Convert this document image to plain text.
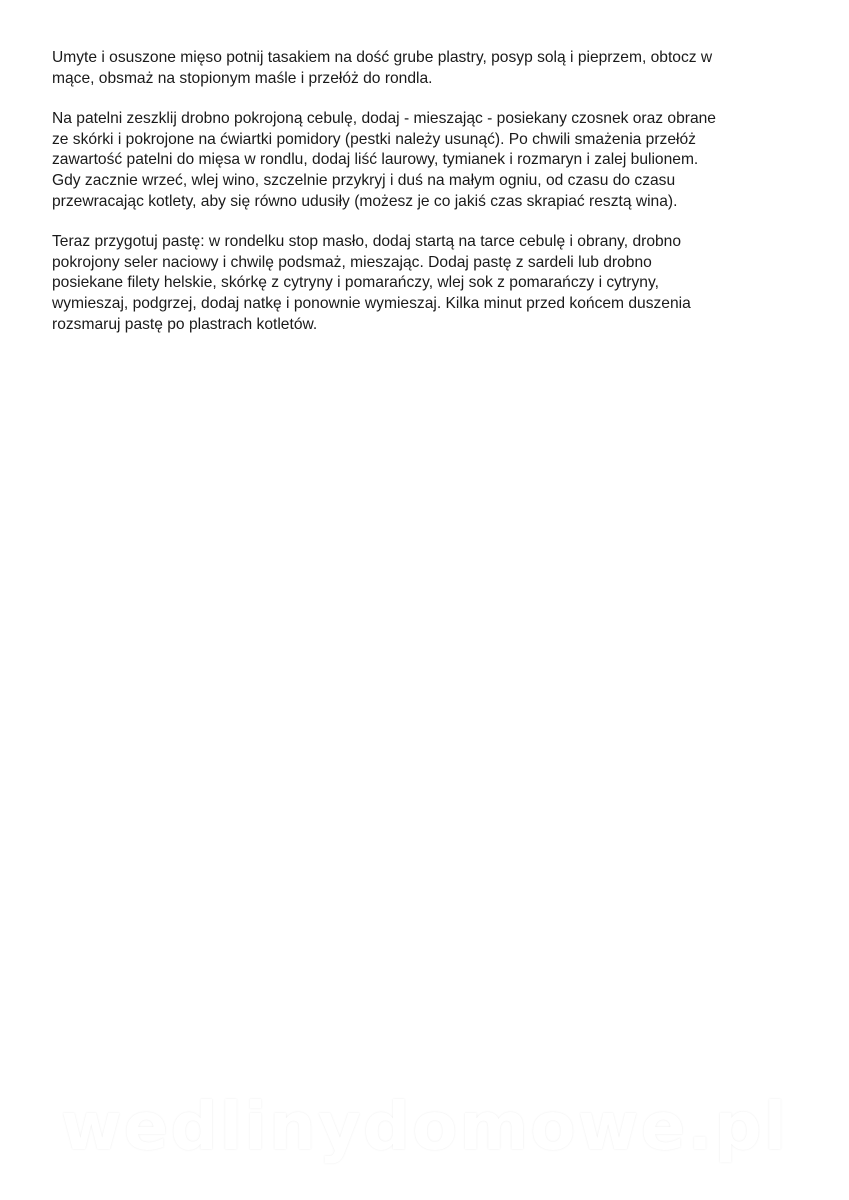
Umyte i osuszone mięso potnij tasakiem na dość grube plastry, posyp solą i pieprzem, obtocz w
mące, obsmaż na stopionym maśle i przełóż do rondla.

Na patelni zeszklij drobno pokrojoną cebulę, dodaj - mieszając - posiekany czosnek oraz obrane
ze skórki i pokrojone na ćwiartki pomidory (pestki należy usunąć). Po chwili smażenia przełóż
zawartość patelni do mięsa w rondlu, dodaj liść laurowy, tymianek i rozmaryn i zalej bulionem.
Gdy zacznie wrzeć, wlej wino, szczelnie przykryj i duś na małym ogniu, od czasu do czasu
przewracając kotlety, aby się równo udusiły (możesz je co jakiś czas skrapiać resztą wina).

Teraz przygotuj pastę: w rondelku stop masło, dodaj startą na tarce cebulę i obrany, drobno
pokrojony seler naciowy i chwilę podsmaż, mieszając. Dodaj pastę z sardeli lub drobno
posiekane filety helskie, skórkę z cytryny i pomarańczy, wlej sok z pomarańczy i cytryny,
wymieszaj, podgrzej, dodaj natkę i ponownie wymieszaj. Kilka minut przed końcem duszenia
rozsmaruj pastę po plastrach kotletów.

wedlinydomowe.pl
